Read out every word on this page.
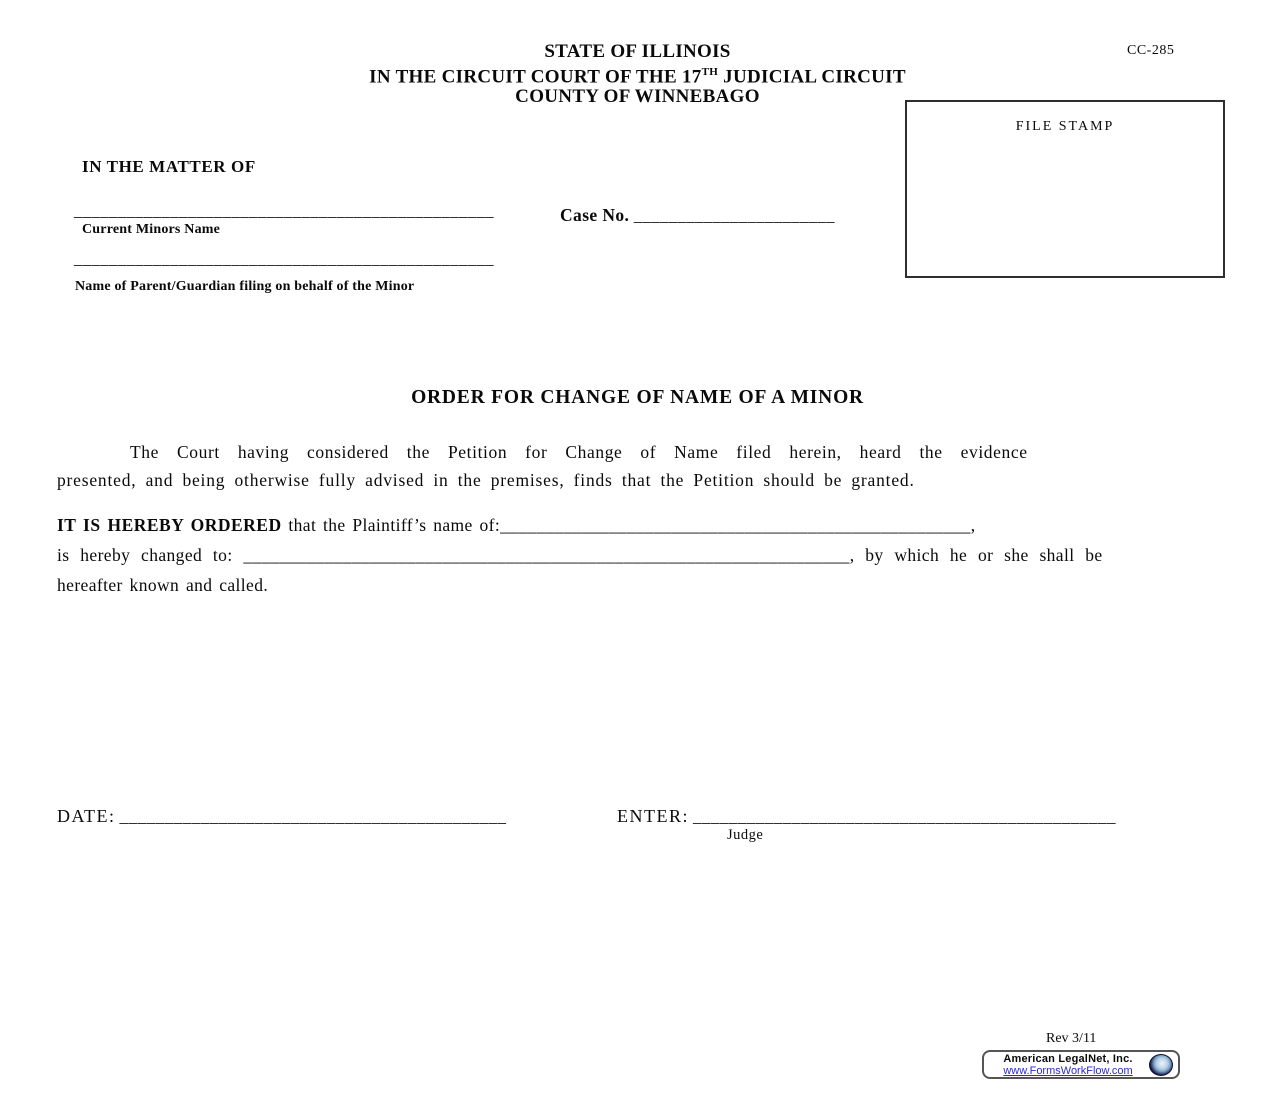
STATE OF ILLINOIS
IN THE CIRCUIT COURT OF THE 17TH JUDICIAL CIRCUIT
COUNTY OF WINNEBAGO
CC-285
FILE STAMP
IN THE MATTER OF
________________________________________________
Current Minors Name
Case No. _______________________
________________________________________________
Name of Parent/Guardian filing on behalf of the Minor
ORDER FOR CHANGE OF NAME OF A MINOR
The Court having considered the Petition for Change of Name filed herein, heard the evidence
presented, and being otherwise fully advised in the premises, finds that the Petition should be granted.
IT IS HEREBY ORDERED that the Plaintiff’s name of:____________________________________________________,
is hereby changed to: ___________________________________________________________________, by which he or she shall be
hereafter known and called.
DATE: ___________________________________________	ENTER: _______________________________________________
Judge
Rev 3/11
American LegalNet, Inc.
www.FormsWorkFlow.com
